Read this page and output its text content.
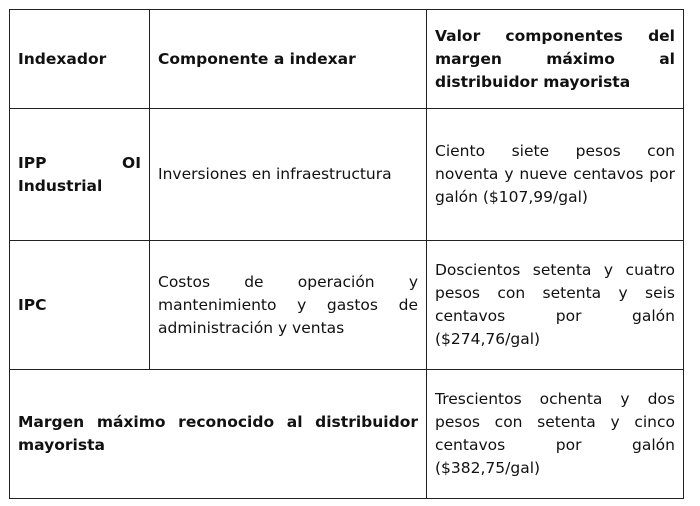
Indexador	Componente a indexar	Valor componentes del margen máximo al distribuidor mayorista

IPP OI Industrial	Inversiones en infraestructura	Ciento siete pesos con noventa y nueve centavos por galón ($107,99/gal)

IPC	Costos de operación y mantenimiento y gastos de administración y ventas	Doscientos setenta y cuatro pesos con setenta y seis centavos por galón ($274,76/gal)

Margen máximo reconocido al distribuidor mayorista		Trescientos ochenta y dos pesos con setenta y cinco centavos por galón ($382,75/gal)
